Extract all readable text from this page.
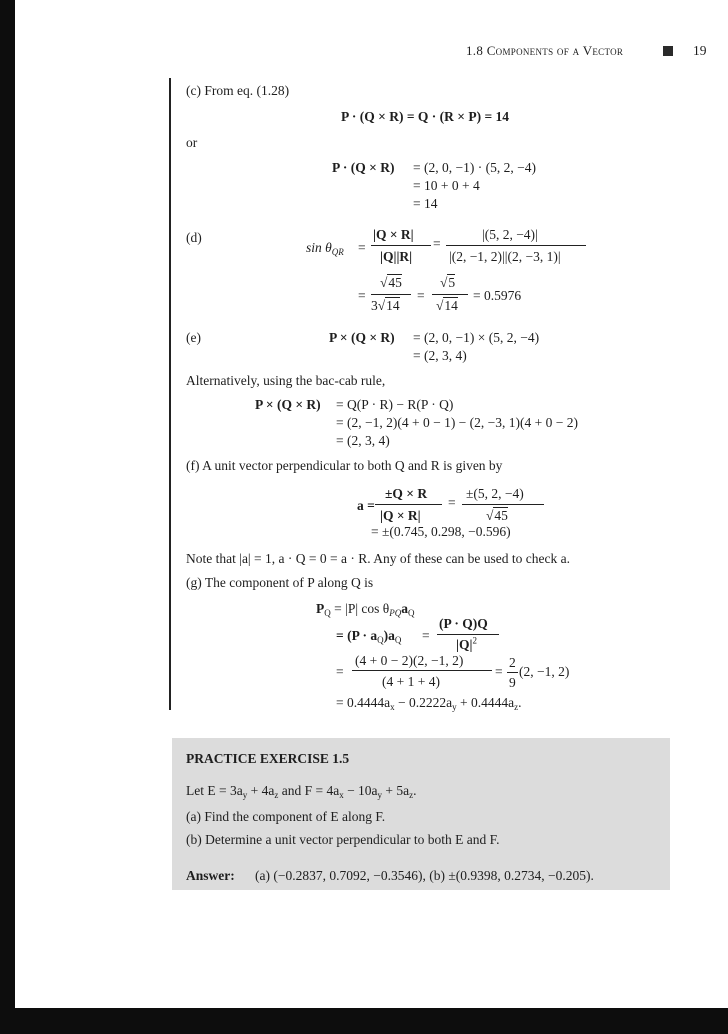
1.8 Components of a Vector	19
(c) From eq. (1.28)
P · (Q × R) = Q · (R × P) = 14
or
P · (Q × R) = (2, 0, −1) · (5, 2, −4)
= 10 + 0 + 4
= 14
(d)
$\sin \theta_{QR}$ =
|Q × R|
|Q||R|
=
|(5, 2, −4)|
|(2, −1, 2)||(2, −3, 1)|
=
√45
3√14
=
√5
√14
= 0.5976
(e)	P × (Q × R) = (2, 0, −1) × (5, 2, −4)
= (2, 3, 4)
Alternatively, using the bac-cab rule,
P × (Q × R) = Q(P · R) − R(P · Q)
= (2, −1, 2)(4 + 0 − 1) − (2, −3, 1)(4 + 0 − 2)
= (2, 3, 4)
(f) A unit vector perpendicular to both Q and R is given by
a =
±Q × R
|Q × R|
=
±(5, 2, −4)
√45
= ±(0.745, 0.298, −0.596)
Note that |a| = 1, a · Q = 0 = a · R. Any of these can be used to check a.
(g) The component of P along Q is
$P_Q = |P|$ $\cos \theta_{PQ}a_Q$
= $(P \cdot a_Q)a_Q$ =
(P · Q)Q
$|Q|^2$
=
(4 + 0 − 2)(2, −1, 2)
(4 + 1 + 4)
=
2
9
(2, −1, 2)
= $0.4444a_x - 0.2222a_y + 0.4444a_z$.
PRACTICE EXERCISE 1.5
Let $E = 3a_y + 4a_z$ and $F = 4a_x - 10a_y + 5a_z$.
(a) Find the component of E along F.
(b) Determine a unit vector perpendicular to both E and F.
Answer: (a) (−0.2837, 0.7092, −0.3546), (b) ±(0.9398, 0.2734, −0.205).
